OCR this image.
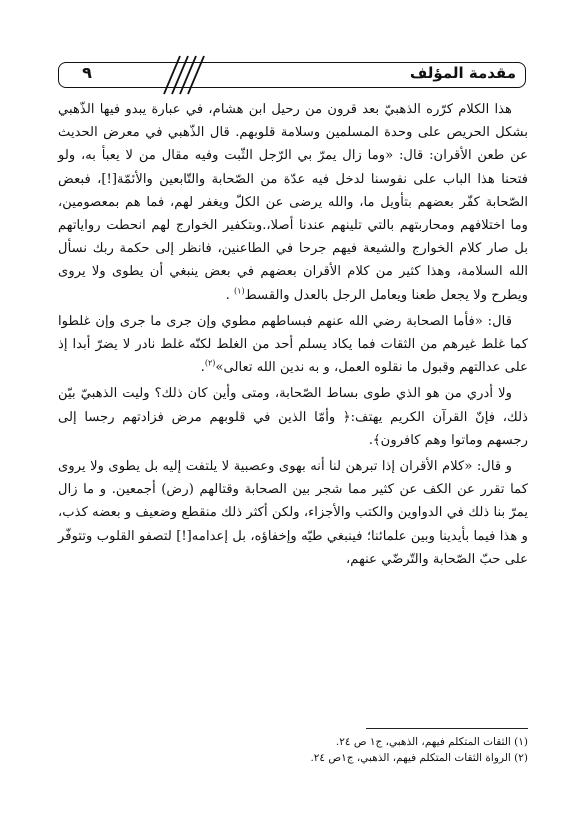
مقدمة المؤلف
٩

هذا الكلام كرّره الذهبيّ بعد قرون من رحيل ابن هشام، في عبارة يبدو فيها الذّهبي بشكل الحريص على وحدة المسلمين وسلامة قلوبهم. قال الذّهبي في معرض الحديث عن طعن الأقران: قال: «وما زال يمرّ بي الرّجل الثّبت وفيه مقال من لا يعبأ به، ولو فتحنا هذا الباب على نفوسنا لدخل فيه عدّة من الصّحابة والتّابعين والأئمّة[!]، فبعض الصّحابة كفّر بعضهم بتأويل ما، والله يرضى عن الكلّ ويغفر لهم، فما هم بمعصومين، وما اختلافهم ومحاربتهم بالتي تلينهم عندنا أصلا،.وبتكفير الخوارج لهم انحطت رواياتهم بل صار كلام الخوارج والشيعة فيهم جرحا في الطاعنين، فانظر إلى حكمة ربك نسأل الله السلامة، وهذا كثير من كلام الأقران بعضهم في بعض ينبغي أن يطوى ولا يروى ويطرح ولا يجعل طعنا ويعامل الرجل بالعدل والقسط$^{(١)}$ .

قال: «فأما الصحابة رضي الله عنهم فبساطهم مطوي وإن جرى ما جرى وإن غلطوا كما غلط غيرهم من الثقات فما يكاد يسلم أحد من الغلط لكنّه غلط نادر لا يضرّ أبدا إذ على عدالتهم وقبول ما نقلوه العمل، و به ندين الله تعالى»$^{(٢)}$.

ولا أدري من هو الذي طوى بساط الصّحابة، ومتى وأين كان ذلك؟ وليت الذهبيّ بيّن ذلك، فإنّ القرآن الكريم يهتف:﴿ وأمّا الذين في قلوبهم مرض فزادتهم رجسا إلى رجسهم وماتوا وهم كافرون﴾.

و قال: «كلام الأقران إذا تبرهن لنا أنه بهوى وعصبية لا يلتفت إليه بل يطوى ولا يروى كما تقرر عن الكف عن كثير مما شجر بين الصحابة وقتالهم (رض) أجمعين. و ما زال يمرّ بنا ذلك في الدواوين والكتب والأجزاء، ولكن أكثر ذلك منقطع وضعيف و بعضه كذب، و هذا فيما بأيدينا وبين علمائنا؛ فينبغي طيّه وإخفاؤه، بل إعدامه[!] لتصفو القلوب وتتوفّر على حبّ الصّحابة والتّرضّي عنهم،

(١) الثقات المتكلم فيهم، الذهبي، ج١ ص ٢٤.
(٢) الرواة الثقات المتكلم فيهم، الذهبي، ج١ص ٢٤.
